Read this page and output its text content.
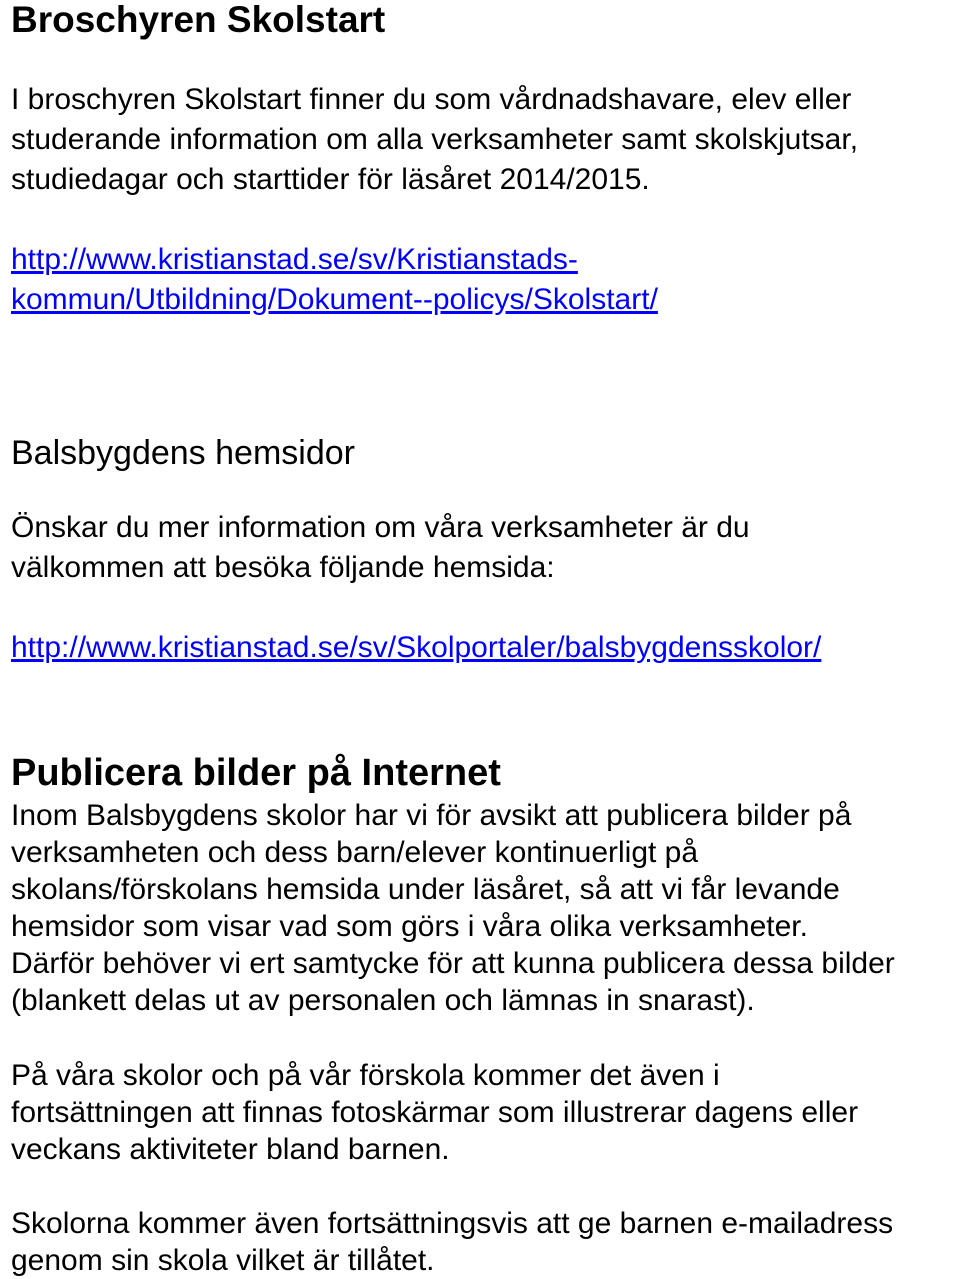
Broschyren Skolstart

I broschyren Skolstart finner du som vårdnadshavare, elev eller
studerande information om alla verksamheter samt skolskjutsar,
studiedagar och starttider för läsåret 2014/2015.

http://www.kristianstad.se/sv/Kristianstads-
kommun/Utbildning/Dokument--policys/Skolstart/
Balsbygdens hemsidor

Önskar du mer information om våra verksamheter är du
välkommen att besöka följande hemsida:

http://www.kristianstad.se/sv/Skolportaler/balsbygdensskolor/
Publicera bilder på Internet

Inom Balsbygdens skolor har vi för avsikt att publicera bilder på
verksamheten och dess barn/elever kontinuerligt på
skolans/förskolans hemsida under läsåret, så att vi får levande
hemsidor som visar vad som görs i våra olika verksamheter.
Därför behöver vi ert samtycke för att kunna publicera dessa bilder
(blankett delas ut av personalen och lämnas in snarast).

På våra skolor och på vår förskola kommer det även i
fortsättningen att finnas fotoskärmar som illustrerar dagens eller
veckans aktiviteter bland barnen.

Skolorna kommer även fortsättningsvis att ge barnen e-mailadress
genom sin skola vilket är tillåtet.
